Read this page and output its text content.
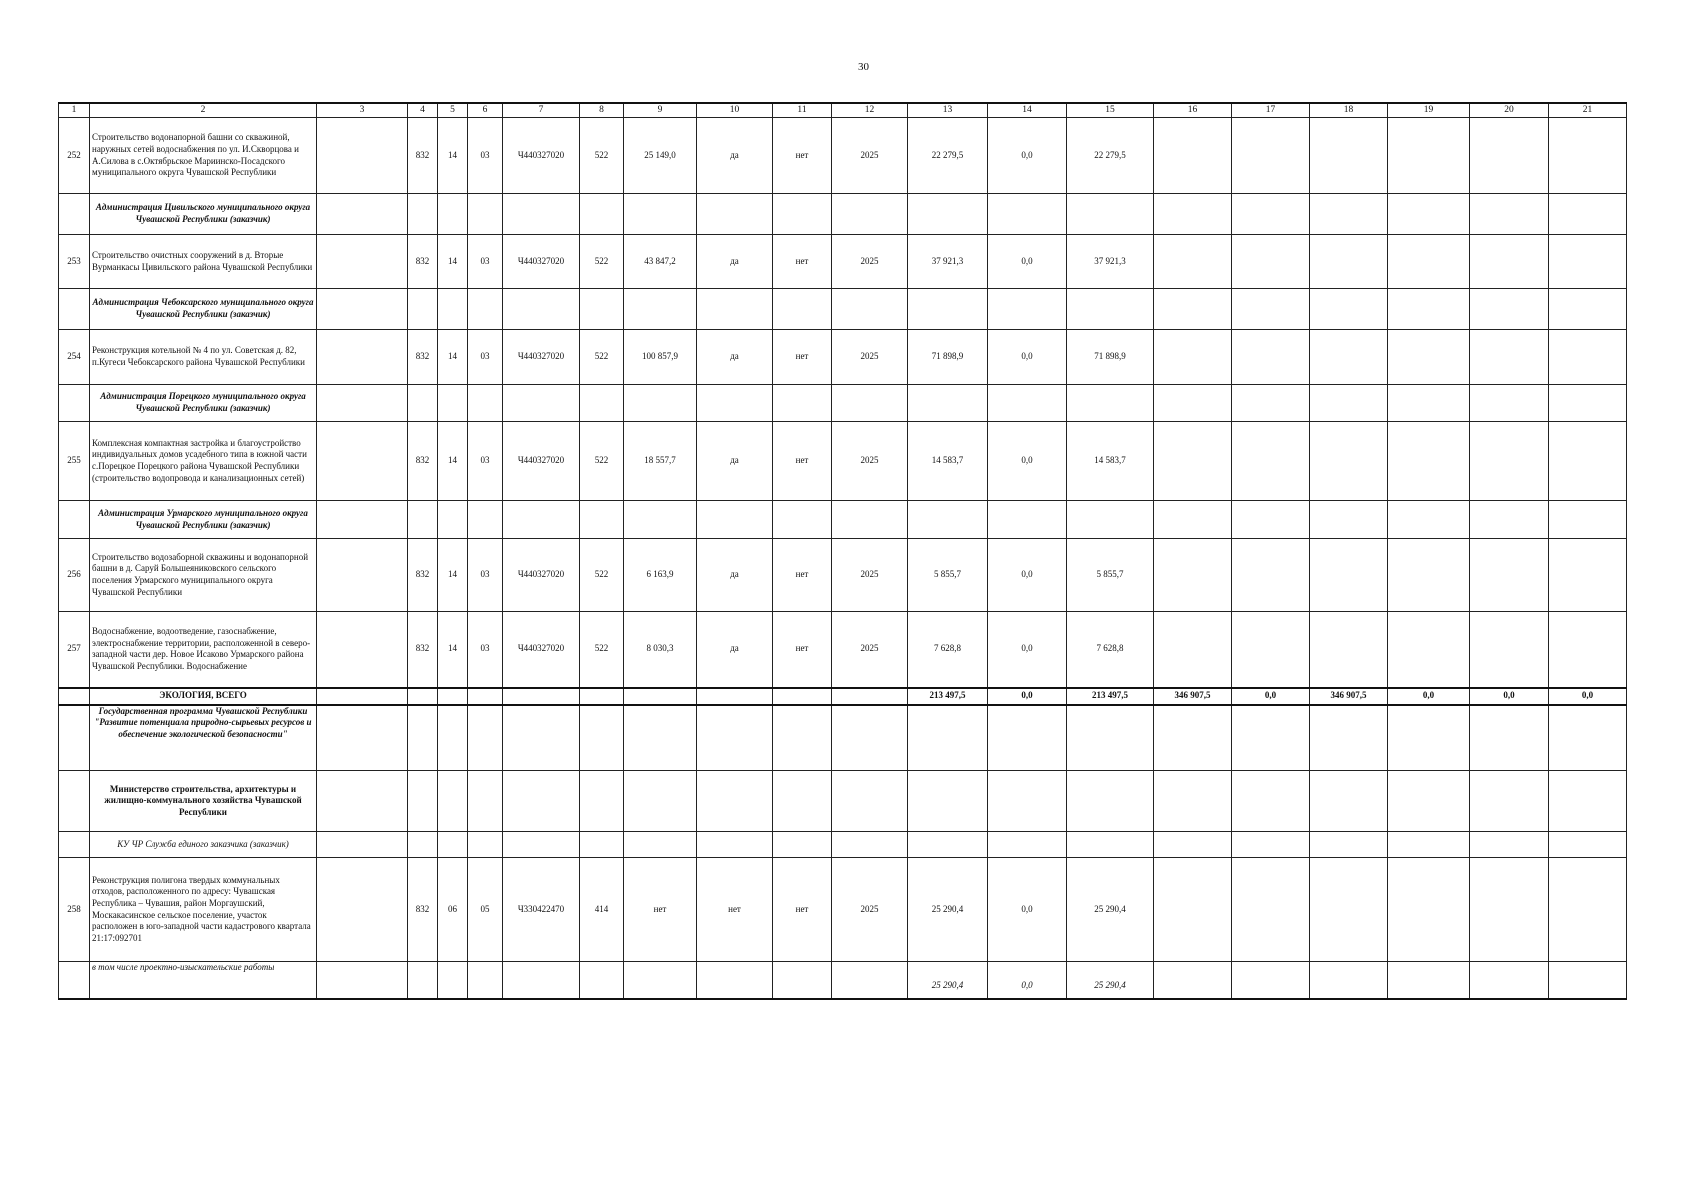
30
1	2	3	4	5	6	7	8	9	10	11	12	13	14	15	16	17	18	19	20	21
252	Строительство водонапорной башни со скважиной, наружных сетей водоснабжения по ул. И.Скворцова и А.Силова в с.Октябрьское Мариинско-Посадского муниципального округа Чувашской Республики		832	14	03	Ч440327020	522	25 149,0	да	нет	2025	22 279,5	0,0	22 279,5						
	Администрация Цивильского муниципального округа Чувашской Республики (заказчик)																			
253	Строительство очистных сооружений в д. Вторые Вурманкасы Цивильского района Чувашской Республики		832	14	03	Ч440327020	522	43 847,2	да	нет	2025	37 921,3	0,0	37 921,3						
	Администрация Чебоксарского муниципального округа Чувашской Республики (заказчик)																			
254	Реконструкция котельной № 4 по ул. Советская д. 82, п.Кугеси Чебоксарского района Чувашской Республики		832	14	03	Ч440327020	522	100 857,9	да	нет	2025	71 898,9	0,0	71 898,9						
	Администрация Порецкого муниципального округа Чувашской Республики (заказчик)																			
255	Комплексная компактная застройка и благоустройство индивидуальных домов усадебного типа в южной части с.Порецкое Порецкого района Чувашской Республики (строительство водопровода и канализационных сетей)		832	14	03	Ч440327020	522	18 557,7	да	нет	2025	14 583,7	0,0	14 583,7						
	Администрация Урмарского муниципального округа Чувашской Республики (заказчик)																			
256	Строительство водозаборной скважины и водонапорной башни в д. Саруй Большеяниковского сельского поселения Урмарского муниципального округа Чувашской Республики		832	14	03	Ч440327020	522	6 163,9	да	нет	2025	5 855,7	0,0	5 855,7						
257	Водоснабжение, водоотведение, газоснабжение, электроснабжение территории, расположенной в северо-западной части дер. Новое Исаково Урмарского района Чувашской Республики. Водоснабжение		832	14	03	Ч440327020	522	8 030,3	да	нет	2025	7 628,8	0,0	7 628,8						
	ЭКОЛОГИЯ, ВСЕГО											213 497,5	0,0	213 497,5	346 907,5	0,0	346 907,5	0,0	0,0	0,0
	Государственная программа Чувашской Республики "Развитие потенциала природно-сырьевых ресурсов и обеспечение экологической безопасности"																			
	Министерство строительства, архитектуры и жилищно-коммунального хозяйства Чувашской Республики																			
	КУ ЧР Служба единого заказчика (заказчик)																			
258	Реконструкция полигона твердых коммунальных отходов, расположенного по адресу: Чувашская Республика – Чувашия, район Моргаушский, Москакасинское сельское поселение, участок расположен в юго-западной части кадастрового квартала 21:17:092701		832	06	05	Ч330422470	414	нет	нет	нет	2025	25 290,4	0,0	25 290,4						
	в том числе проектно-изыскательские работы											25 290,4	0,0	25 290,4						
